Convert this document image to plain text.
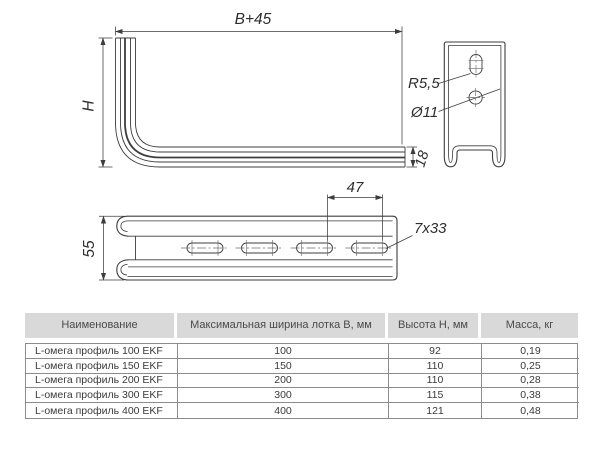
B+45
H
18
R5,5
Ø11
55
47
7x33
Наименование	Максимальная ширина лотка В, мм	Высота Н, мм	Масса, кг
L-омега профиль 100 EKF	100	92	0,19
L-омега профиль 150 EKF	150	110	0,25
L-омега профиль 200 EKF	200	110	0,28
L-омега профиль 300 EKF	300	115	0,38
L-омега профиль 400 EKF	400	121	0,48
